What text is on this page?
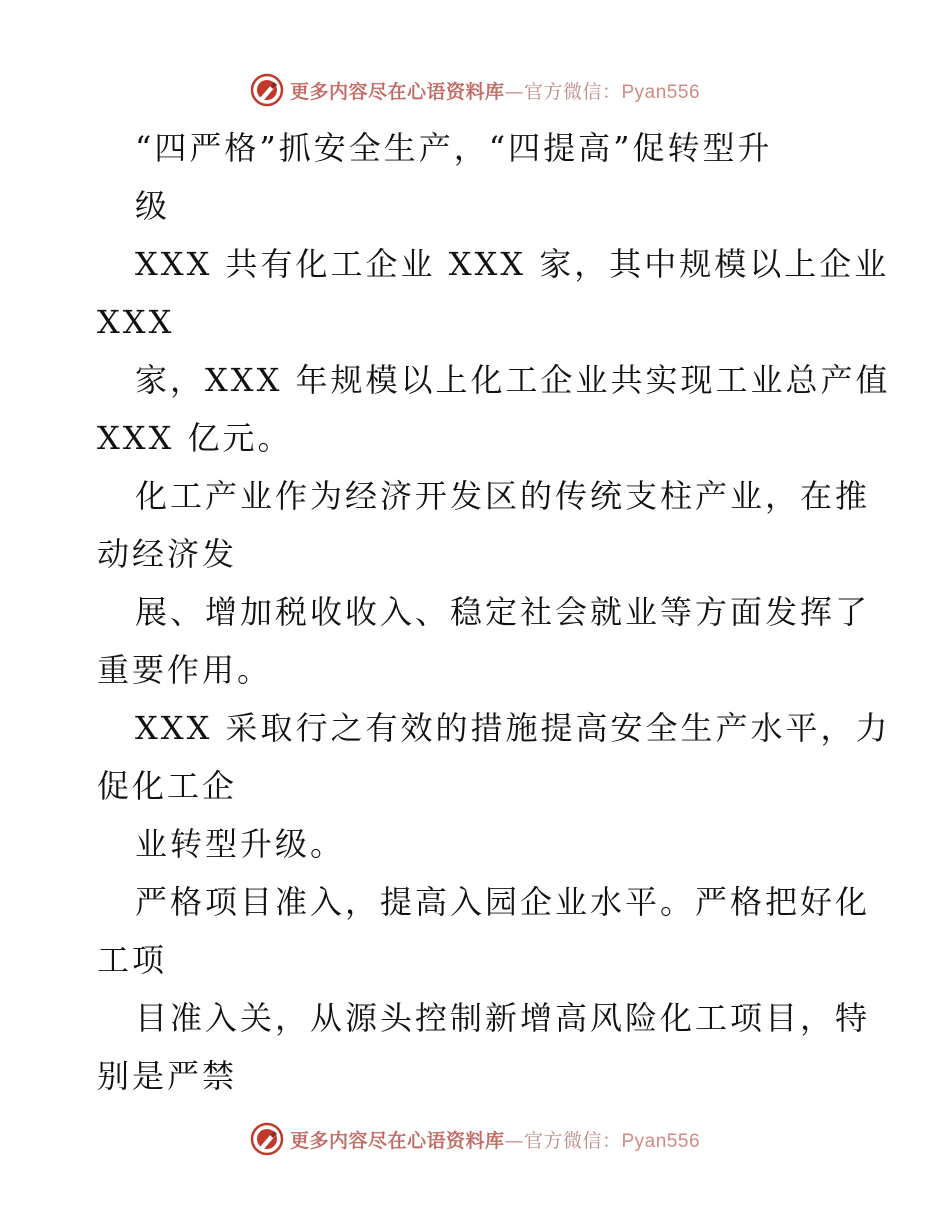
更多内容尽在心语资料库—官方微信：Pyan556
“四严格”抓安全生产，“四提高”促转型升
级
XXX 共有化工企业 XXX 家，其中规模以上企业
XXX
家，XXX 年规模以上化工企业共实现工业总产值
XXX 亿元。
化工产业作为经济开发区的传统支柱产业，在推
动经济发
展、增加税收收入、稳定社会就业等方面发挥了
重要作用。
XXX 采取行之有效的措施提高安全生产水平，力
促化工企
业转型升级。
严格项目准入，提高入园企业水平。严格把好化
工项
目准入关，从源头控制新增高风险化工项目，特
别是严禁
更多内容尽在心语资料库—官方微信：Pyan556
